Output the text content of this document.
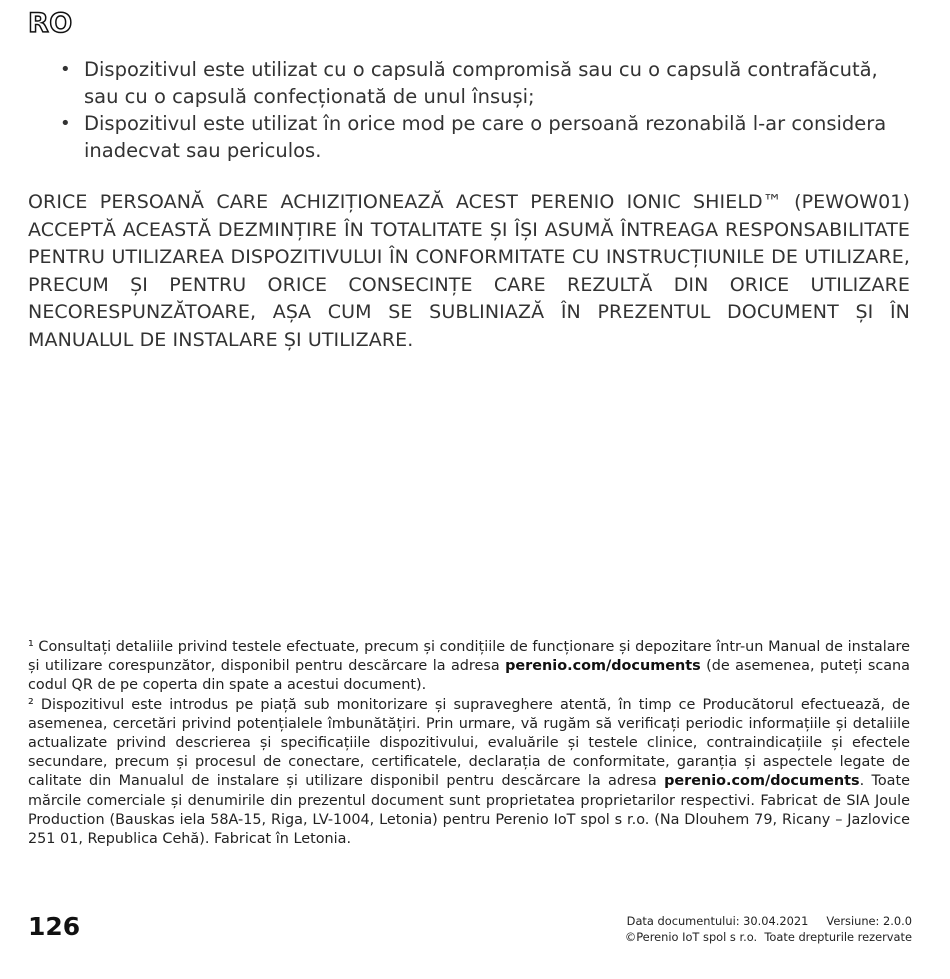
RO
• Dispozitivul este utilizat cu o capsulă compromisă sau cu o capsulă contrafăcută, sau cu o capsulă confecționată de unul însuși;
• Dispozitivul este utilizat în orice mod pe care o persoană rezonabilă l-ar considera inadecvat sau periculos.

ORICE PERSOANĂ CARE ACHIZIȚIONEAZĂ ACEST PERENIO IONIC SHIELD™ (PEWOW01) ACCEPTĂ ACEASTĂ DEZMINȚIRE ÎN TOTALITATE ȘI ÎȘI ASUMĂ ÎNTREAGA RESPONSABILITATE PENTRU UTILIZAREA DISPOZITIVULUI ÎN CONFORMITATE CU INSTRUCȚIUNILE DE UTILIZARE, PRECUM ȘI PENTRU ORICE CONSECINȚE CARE REZULTĂ DIN ORICE UTILIZARE NECORESPUNZĂTOARE, AȘA CUM SE SUBLINIAZĂ ÎN PREZENTUL DOCUMENT ȘI ÎN MANUALUL DE INSTALARE ȘI UTILIZARE.

¹ Consultați detaliile privind testele efectuate, precum și condițiile de funcționare și depozitare într-un Manual de instalare și utilizare corespunzător, disponibil pentru descărcare la adresa perenio.com/documents (de asemenea, puteți scana codul QR de pe coperta din spate a acestui document).

² Dispozitivul este introdus pe piață sub monitorizare și supraveghere atentă, în timp ce Producătorul efectuează, de asemenea, cercetări privind potențialele îmbunătățiri. Prin urmare, vă rugăm să verificați periodic informațiile și detaliile actualizate privind descrierea și specificațiile dispozitivului, evaluările și testele clinice, contraindicațiile și efectele secundare, precum și procesul de conectare, certificatele, declarația de conformitate, garanția și aspectele legate de calitate din Manualul de instalare și utilizare disponibil pentru descărcare la adresa perenio.com/documents. Toate mărcile comerciale și denumirile din prezentul document sunt proprietatea proprietarilor respectivi. Fabricat de SIA Joule Production (Bauskas iela 58A-15, Riga, LV-1004, Letonia) pentru Perenio IoT spol s r.o. (Na Dlouhem 79, Ricany – Jazlovice 251 01, Republica Cehă). Fabricat în Letonia.

126	Data documentului: 30.04.2021 Versiune: 2.0.0
©Perenio IoT spol s r.o. Toate drepturile rezervate
